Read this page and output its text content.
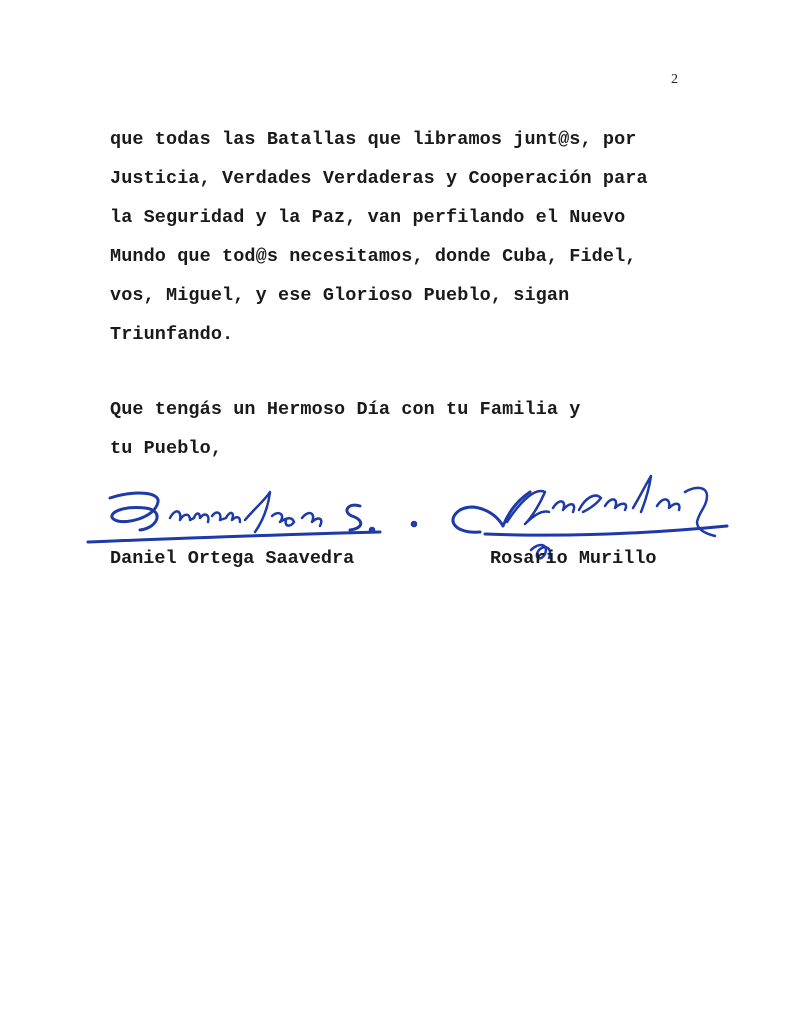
2
que todas las Batallas que libramos junt@s, por
Justicia, Verdades Verdaderas y Cooperación para
la Seguridad y la Paz, van perfilando el Nuevo
Mundo que tod@s necesitamos, donde Cuba, Fidel,
vos, Miguel, y ese Glorioso Pueblo, sigan
Triunfando.
Que tengás un Hermoso Día con tu Familia y
tu Pueblo,
Daniel Ortega Saavedra	Rosario Murillo
